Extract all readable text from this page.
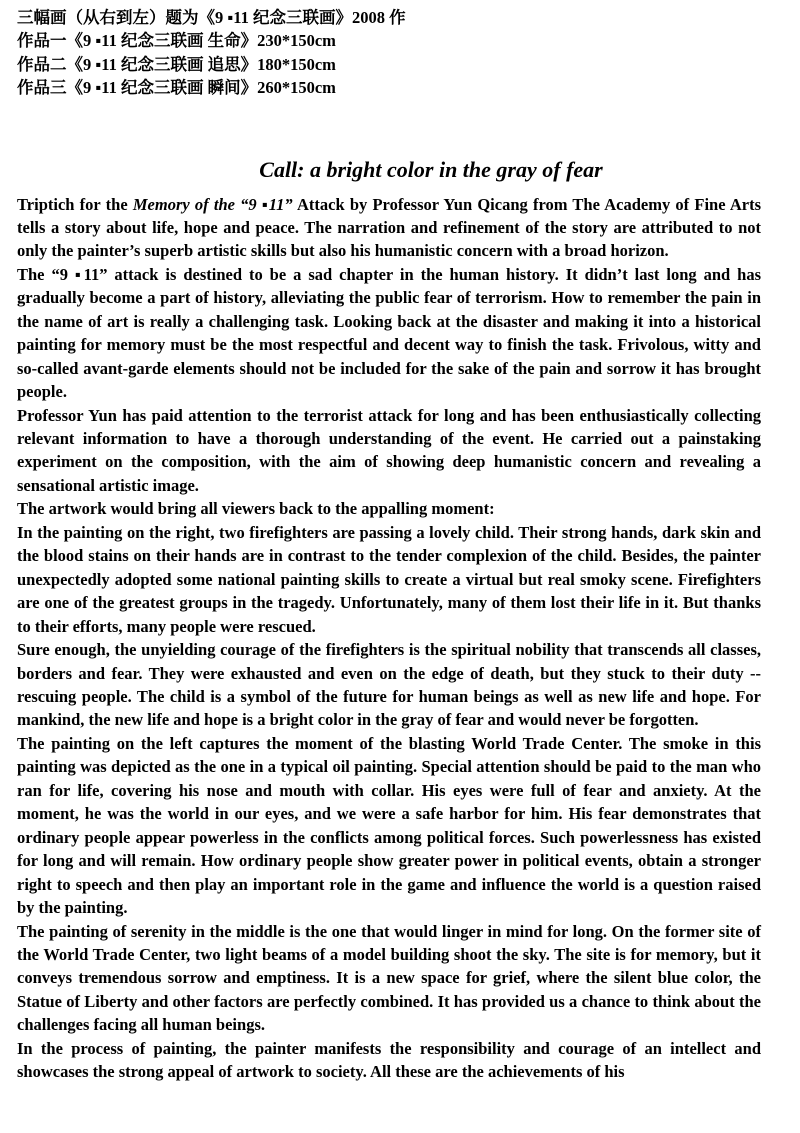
三幅画（从右到左）题为《9 ▪11 纪念三联画》2008 作
作品一《9 ▪11 纪念三联画 生命》230*150cm
作品二《9 ▪11 纪念三联画 追思》180*150cm
作品三《9 ▪11 纪念三联画 瞬间》260*150cm
Call: a bright color in the gray of fear

Triptich for the Memory of the “9 ▪11” Attack by Professor Yun Qicang from The Academy of Fine Arts tells a story about life, hope and peace. The narration and refinement of the story are attributed to not only the painter’s superb artistic skills but also his humanistic concern with a broad horizon.

The “9 ▪11” attack is destined to be a sad chapter in the human history. It didn’t last long and has gradually become a part of history, alleviating the public fear of terrorism. How to remember the pain in the name of art is really a challenging task. Looking back at the disaster and making it into a historical painting for memory must be the most respectful and decent way to finish the task. Frivolous, witty and so-called avant-garde elements should not be included for the sake of the pain and sorrow it has brought people.

Professor Yun has paid attention to the terrorist attack for long and has been enthusiastically collecting relevant information to have a thorough understanding of the event. He carried out a painstaking experiment on the composition, with the aim of showing deep humanistic concern and revealing a sensational artistic image.

The artwork would bring all viewers back to the appalling moment:

In the painting on the right, two firefighters are passing a lovely child. Their strong hands, dark skin and the blood stains on their hands are in contrast to the tender complexion of the child. Besides, the painter unexpectedly adopted some national painting skills to create a virtual but real smoky scene. Firefighters are one of the greatest groups in the tragedy. Unfortunately, many of them lost their life in it. But thanks to their efforts, many people were rescued.

Sure enough, the unyielding courage of the firefighters is the spiritual nobility that transcends all classes, borders and fear. They were exhausted and even on the edge of death, but they stuck to their duty -- rescuing people. The child is a symbol of the future for human beings as well as new life and hope. For mankind, the new life and hope is a bright color in the gray of fear and would never be forgotten.

The painting on the left captures the moment of the blasting World Trade Center. The smoke in this painting was depicted as the one in a typical oil painting. Special attention should be paid to the man who ran for life, covering his nose and mouth with collar. His eyes were full of fear and anxiety. At the moment, he was the world in our eyes, and we were a safe harbor for him. His fear demonstrates that ordinary people appear powerless in the conflicts among political forces. Such powerlessness has existed for long and will remain. How ordinary people show greater power in political events, obtain a stronger right to speech and then play an important role in the game and influence the world is a question raised by the painting.

The painting of serenity in the middle is the one that would linger in mind for long. On the former site of the World Trade Center, two light beams of a model building shoot the sky. The site is for memory, but it conveys tremendous sorrow and emptiness. It is a new space for grief, where the silent blue color, the Statue of Liberty and other factors are perfectly combined. It has provided us a chance to think about the challenges facing all human beings.

In the process of painting, the painter manifests the responsibility and courage of an intellect and showcases the strong appeal of artwork to society. All these are the achievements of his
